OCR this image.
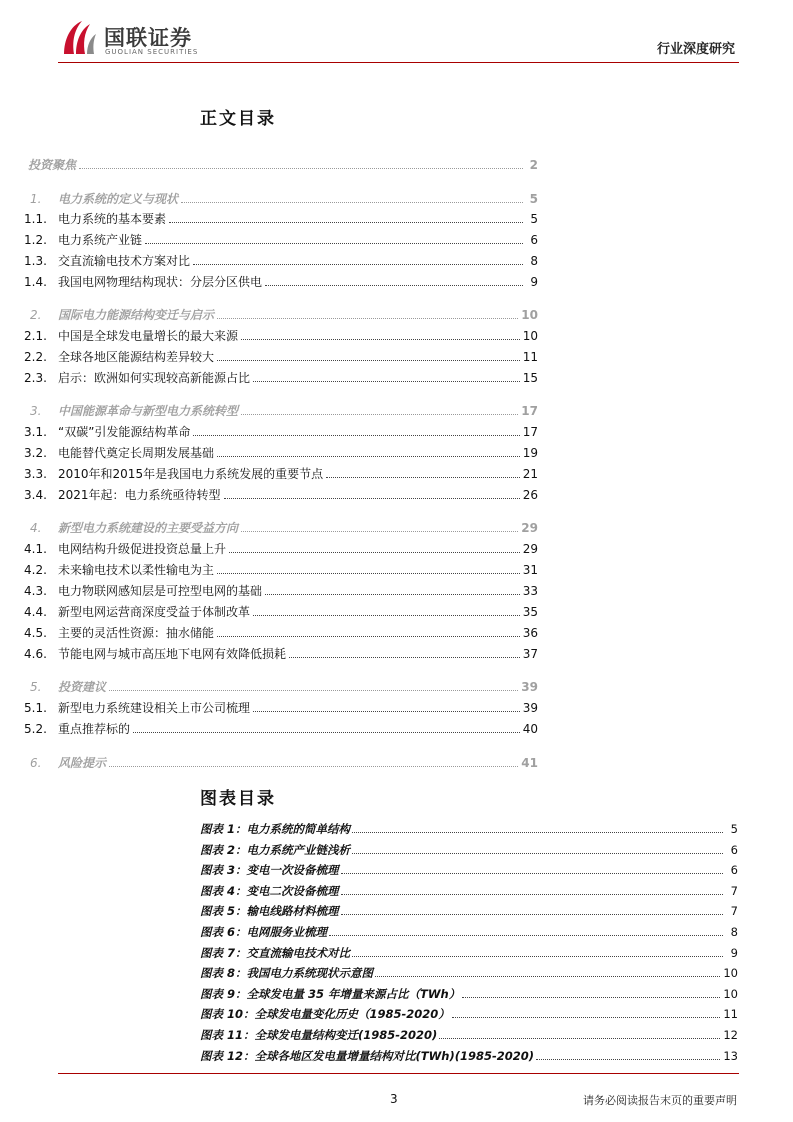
国联证券
GUOLIAN SECURITIES	行业深度研究
正文目录
投资聚焦	2
1.	电力系统的定义与现状	5
1.1. 电力系统的基本要素	5
1.2. 电力系统产业链	6
1.3. 交直流输电技术方案对比	8
1.4. 我国电网物理结构现状：分层分区供电	9
2.	国际电力能源结构变迁与启示	10
2.1. 中国是全球发电量增长的最大来源	10
2.2. 全球各地区能源结构差异较大	11
2.3. 启示：欧洲如何实现较高新能源占比	15
3.	中国能源革命与新型电力系统转型	17
3.1. “双碳”引发能源结构革命	17
3.2. 电能替代奠定长周期发展基础	19
3.3. 2010年和2015年是我国电力系统发展的重要节点	21
3.4. 2021年起：电力系统亟待转型	26
4.	新型电力系统建设的主要受益方向	29
4.1. 电网结构升级促进投资总量上升	29
4.2. 未来输电技术以柔性输电为主	31
4.3. 电力物联网感知层是可控型电网的基础	33
4.4. 新型电网运营商深度受益于体制改革	35
4.5. 主要的灵活性资源：抽水储能	36
4.6. 节能电网与城市高压地下电网有效降低损耗	37
5.	投资建议	39
5.1. 新型电力系统建设相关上市公司梳理	39
5.2. 重点推荐标的	40
6.	风险提示	41
图表目录
图表 1：电力系统的简单结构	5
图表 2：电力系统产业链浅析	6
图表 3：变电一次设备梳理	6
图表 4：变电二次设备梳理	7
图表 5：输电线路材料梳理	7
图表 6：电网服务业梳理	8
图表 7：交直流输电技术对比	9
图表 8：我国电力系统现状示意图	10
图表 9：全球发电量 35 年增量来源占比（TWh）	10
图表 10：全球发电量变化历史（1985-2020）	11
图表 11：全球发电量结构变迁(1985-2020)	12
图表 12：全球各地区发电量增量结构对比(TWh)(1985-2020)	13
3	请务必阅读报告末页的重要声明
